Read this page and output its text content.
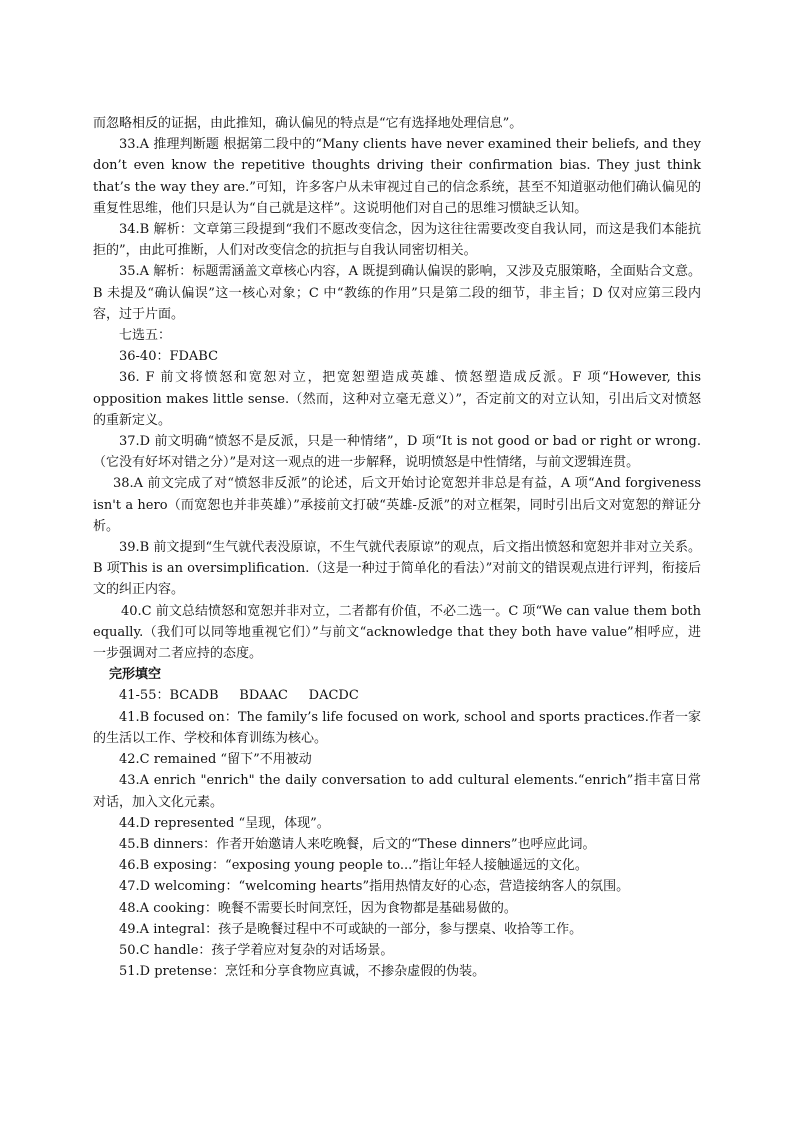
而忽略相反的证据，由此推知，确认偏见的特点是“它有选择地处理信息”。

33.A 推理判断题 根据第二段中的“Many clients have never examined their beliefs, and they don’t even know the repetitive thoughts driving their confirmation bias. They just think that’s the way they are.”可知，许多客户从未审视过自己的信念系统，甚至不知道驱动他们确认偏见的重复性思维，他们只是认为“自己就是这样”。这说明他们对自己的思维习惯缺乏认知。

34.B 解析：文章第三段提到“我们不愿改变信念，因为这往往需要改变自我认同，而这是我们本能抗拒的”，由此可推断，人们对改变信念的抗拒与自我认同密切相关。

35.A 解析：标题需涵盖文章核心内容，A 既提到确认偏误的影响，又涉及克服策略，全面贴合文意。B 未提及“确认偏误”这一核心对象；C 中“教练的作用”只是第二段的细节，非主旨；D 仅对应第三段内容，过于片面。

七选五：

36-40：FDABC

36. F 前文将愤怒和宽恕对立，把宽恕塑造成英雄、愤怒塑造成反派。F 项“However, this opposition makes little sense.（然而，这种对立毫无意义）”，否定前文的对立认知，引出后文对愤怒的重新定义。

37.D 前文明确“愤怒不是反派，只是一种情绪”，D 项“It is not good or bad or right or wrong.（它没有好坏对错之分）”是对这一观点的进一步解释，说明愤怒是中性情绪，与前文逻辑连贯。

38.A 前文完成了对“愤怒非反派”的论述，后文开始讨论宽恕并非总是有益，A 项“And forgiveness isn't a hero（而宽恕也并非英雄）”承接前文打破“英雄-反派”的对立框架，同时引出后文对宽恕的辩证分析。

39.B 前文提到“生气就代表没原谅，不生气就代表原谅”的观点，后文指出愤怒和宽恕并非对立关系。B 项This is an oversimplification.（这是一种过于简单化的看法）”对前文的错误观点进行评判，衔接后文的纠正内容。

40.C 前文总结愤怒和宽恕并非对立，二者都有价值，不必二选一。C 项“We can value them both equally.（我们可以同等地重视它们）”与前文“acknowledge that they both have value”相呼应，进一步强调对二者应持的态度。

完形填空

41-55：BCADB BDAAC DACDC

41.B focused on：The family’s life focused on work, school and sports practices.作者一家的生活以工作、学校和体育训练为核心。

42.C remained “留下”不用被动

43.A enrich "enrich" the daily conversation to add cultural elements.“enrich”指丰富日常对话，加入文化元素。

44.D represented “呈现，体现”。

45.B dinners：作者开始邀请人来吃晚餐，后文的“These dinners”也呼应此词。

46.B exposing：“exposing young people to...”指让年轻人接触遥远的文化。

47.D welcoming：“welcoming hearts”指用热情友好的心态，营造接纳客人的氛围。

48.A cooking：晚餐不需要长时间烹饪，因为食物都是基础易做的。

49.A integral：孩子是晚餐过程中不可或缺的一部分，参与摆桌、收拾等工作。

50.C handle：孩子学着应对复杂的对话场景。

51.D pretense：烹饪和分享食物应真诚，不掺杂虚假的伪装。
